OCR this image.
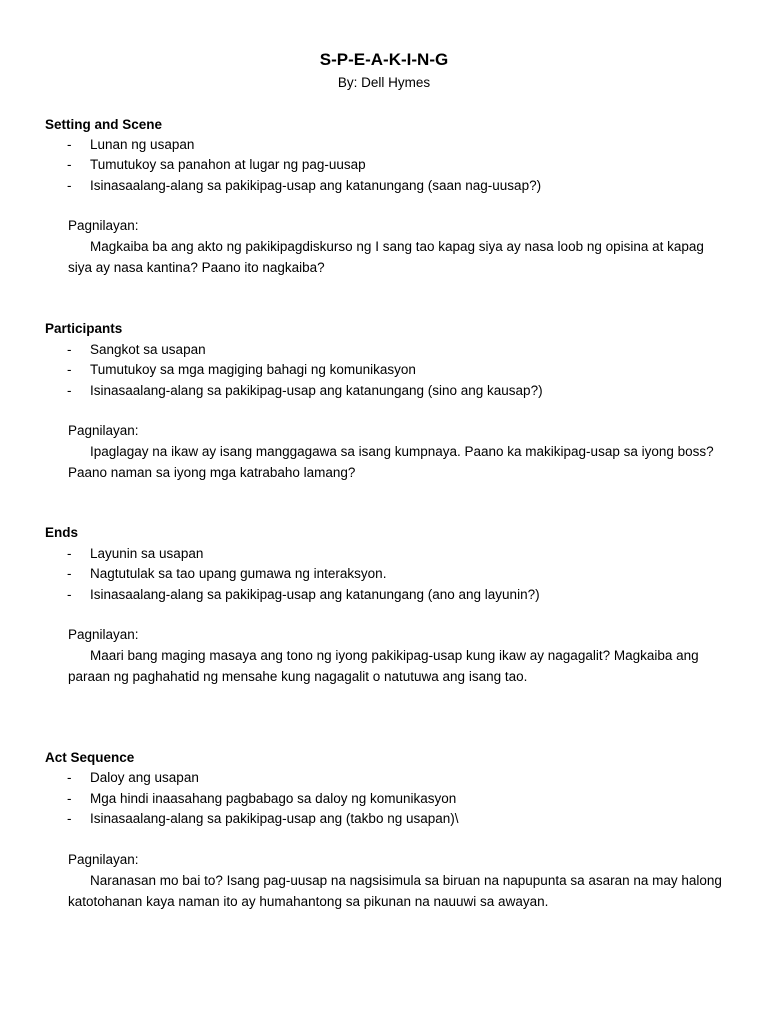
S-P-E-A-K-I-N-G
By: Dell Hymes
Setting and Scene
- Lunan ng usapan
- Tumutukoy sa panahon at lugar ng pag-uusap
- Isinasaalang-alang sa pakikipag-usap ang katanungang (saan nag-uusap?)
Pagnilayan:
Magkaiba ba ang akto ng pakikipagdiskurso ng I sang tao kapag siya ay nasa loob ng opisina at kapag siya ay nasa kantina? Paano ito nagkaiba?
Participants
- Sangkot sa usapan
- Tumutukoy sa mga magiging bahagi ng komunikasyon
- Isinasaalang-alang sa pakikipag-usap ang katanungang (sino ang kausap?)
Pagnilayan:
Ipaglagay na ikaw ay isang manggagawa sa isang kumpnaya. Paano ka makikipag-usap sa iyong boss? Paano naman sa iyong mga katrabaho lamang?
Ends
- Layunin sa usapan
- Nagtutulak sa tao upang gumawa ng interaksyon.
- Isinasaalang-alang sa pakikipag-usap ang katanungang (ano ang layunin?)
Pagnilayan:
Maari bang maging masaya ang tono ng iyong pakikipag-usap kung ikaw ay nagagalit? Magkaiba ang paraan ng paghahatid ng mensahe kung nagagalit o natutuwa ang isang tao.
Act Sequence
- Daloy ang usapan
- Mga hindi inaasahang pagbabago sa daloy ng komunikasyon
- Isinasaalang-alang sa pakikipag-usap ang (takbo ng usapan)\
Pagnilayan:
Naranasan mo bai to? Isang pag-uusap na nagsisimula sa biruan na napupunta sa asaran na may halong katotohanan kaya naman ito ay humahantong sa pikunan na nauuwi sa awayan.
